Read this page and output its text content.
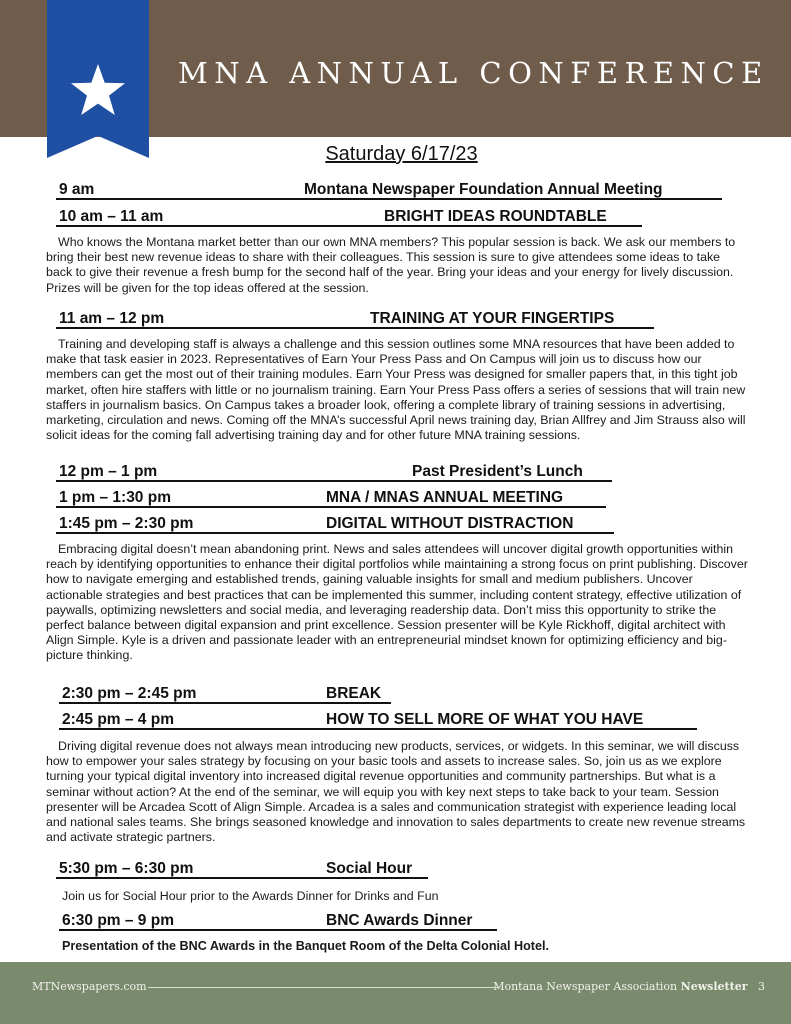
MNA ANNUAL CONFERENCE
Saturday 6/17/23
9 am	Montana Newspaper Foundation Annual Meeting
10 am – 11 am	BRIGHT IDEAS ROUNDTABLE

Who knows the Montana market better than our own MNA members? This popular session is back. We ask our members to bring their best new revenue ideas to share with their colleagues. This session is sure to give attendees some ideas to take back to give their revenue a fresh bump for the second half of the year. Bring your ideas and your energy for lively discussion. Prizes will be given for the top ideas offered at the session.

11 am – 12 pm	TRAINING AT YOUR FINGERTIPS

Training and developing staff is always a challenge and this session outlines some MNA resources that have been added to make that task easier in 2023. Representatives of Earn Your Press Pass and On Campus will join us to discuss how our members can get the most out of their training modules. Earn Your Press was designed for smaller papers that, in this tight job market, often hire staffers with little or no journalism training. Earn Your Press Pass offers a series of sessions that will train new staffers in journalism basics. On Campus takes a broader look, offering a complete library of training sessions in advertising, marketing, circulation and news. Coming off the MNA’s successful April news training day, Brian Allfrey and Jim Strauss also will solicit ideas for the coming fall advertising training day and for other future MNA training sessions.

12 pm – 1 pm	Past President’s Lunch
1 pm – 1:30 pm	MNA / MNAS ANNUAL MEETING
1:45 pm – 2:30 pm	DIGITAL WITHOUT DISTRACTION

Embracing digital doesn’t mean abandoning print. News and sales attendees will uncover digital growth opportunities within reach by identifying opportunities to enhance their digital portfolios while maintaining a strong focus on print publishing. Discover how to navigate emerging and established trends, gaining valuable insights for small and medium publishers. Uncover actionable strategies and best practices that can be implemented this summer, including content strategy, effective utilization of paywalls, optimizing newsletters and social media, and leveraging readership data. Don’t miss this opportunity to strike the perfect balance between digital expansion and print excellence. Session presenter will be Kyle Rickhoff, digital architect with Align Simple. Kyle is a driven and passionate leader with an entrepreneurial mindset known for optimizing efficiency and big-picture thinking.

2:30 pm – 2:45 pm	BREAK
2:45 pm – 4 pm	HOW TO SELL MORE OF WHAT YOU HAVE

Driving digital revenue does not always mean introducing new products, services, or widgets. In this seminar, we will discuss how to empower your sales strategy by focusing on your basic tools and assets to increase sales. So, join us as we explore turning your typical digital inventory into increased digital revenue opportunities and community partnerships. But what is a seminar without action? At the end of the seminar, we will equip you with key next steps to take back to your team. Session presenter will be Arcadea Scott of Align Simple. Arcadea is a sales and communication strategist with experience leading local and national sales teams. She brings seasoned knowledge and innovation to sales departments to create new revenue streams and activate strategic partners.

5:30 pm – 6:30 pm	Social Hour

Join us for Social Hour prior to the Awards Dinner for Drinks and Fun

6:30 pm – 9 pm	BNC Awards Dinner

Presentation of the BNC Awards in the Banquet Room of the Delta Colonial Hotel.

MTNewspapers.com	Montana Newspaper Association Newsletter 3
